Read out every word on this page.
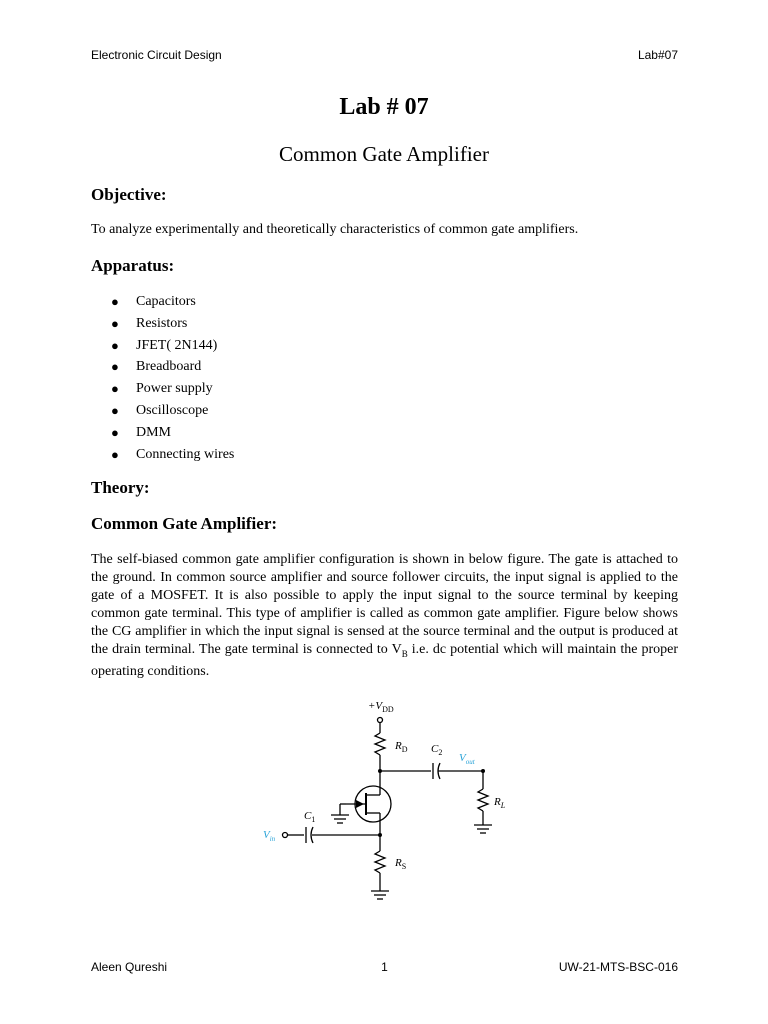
Electronic Circuit Design	Lab#07
Lab # 07
Common Gate Amplifier
Objective:
To analyze experimentally and theoretically characteristics of common gate amplifiers.
Apparatus:
●	Capacitors
●	Resistors
●	JFET( 2N144)
●	Breadboard
●	Power supply
●	Oscilloscope
●	DMM
●	Connecting wires
Theory:
Common Gate Amplifier:
The self-biased common gate amplifier configuration is shown in below figure. The gate is attached to the ground. In common source amplifier and source follower circuits, the input signal is applied to the gate of a MOSFET. It is also possible to apply the input signal to the source terminal by keeping common gate terminal. This type of amplifier is called as common gate amplifier. Figure below shows the CG amplifier in which the input signal is sensed at the source terminal and the output is produced at the drain terminal. The gate terminal is connected to $V_B$ i.e. dc potential which will maintain the proper operating conditions.
$+V_{DD}$
$R_D$ $C_2$ $V_{out}$
$R_L$
$C_1$
$V_{in}$
$R_S$
Aleen Qureshi	1	UW-21-MTS-BSC-016
